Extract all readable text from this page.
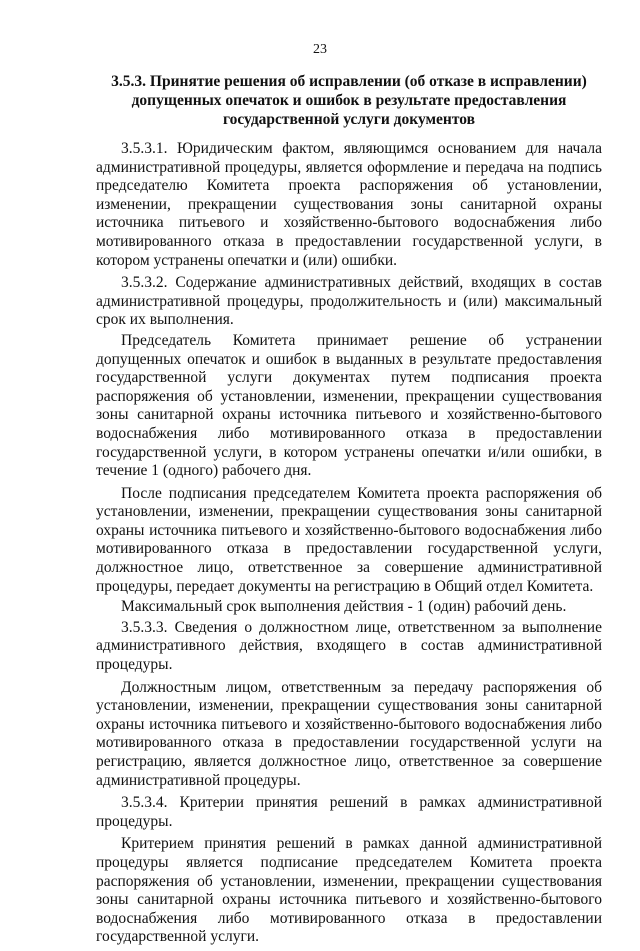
23
3.5.3. Принятие решения об исправлении (об отказе в исправлении) допущенных опечаток и ошибок в результате предоставления государственной услуги документов

3.5.3.1. Юридическим фактом, являющимся основанием для начала административной процедуры, является оформление и передача на подпись председателю Комитета проекта распоряжения об установлении, изменении, прекращении существования зоны санитарной охраны источника питьевого и хозяйственно-бытового водоснабжения либо мотивированного отказа в предоставлении государственной услуги, в котором устранены опечатки и (или) ошибки.

3.5.3.2. Содержание административных действий, входящих в состав административной процедуры, продолжительность и (или) максимальный срок их выполнения.

Председатель Комитета принимает решение об устранении допущенных опечаток и ошибок в выданных в результате предоставления государственной услуги документах путем подписания проекта распоряжения об установлении, изменении, прекращении существования зоны санитарной охраны источника питьевого и хозяйственно-бытового водоснабжения либо мотивированного отказа в предоставлении государственной услуги, в котором устранены опечатки и/или ошибки, в течение 1 (одного) рабочего дня.

После подписания председателем Комитета проекта распоряжения об установлении, изменении, прекращении существования зоны санитарной охраны источника питьевого и хозяйственно-бытового водоснабжения либо мотивированного отказа в предоставлении государственной услуги, должностное лицо, ответственное за совершение административной процедуры, передает документы на регистрацию в Общий отдел Комитета.

Максимальный срок выполнения действия - 1 (один) рабочий день.

3.5.3.3. Сведения о должностном лице, ответственном за выполнение административного действия, входящего в состав административной процедуры.

Должностным лицом, ответственным за передачу распоряжения об установлении, изменении, прекращении существования зоны санитарной охраны источника питьевого и хозяйственно-бытового водоснабжения либо мотивированного отказа в предоставлении государственной услуги на регистрацию, является должностное лицо, ответственное за совершение административной процедуры.

3.5.3.4. Критерии принятия решений в рамках административной процедуры.

Критерием принятия решений в рамках данной административной процедуры является подписание председателем Комитета проекта распоряжения об установлении, изменении, прекращении существования зоны санитарной охраны источника питьевого и хозяйственно-бытового водоснабжения либо мотивированного отказа в предоставлении государственной услуги.
